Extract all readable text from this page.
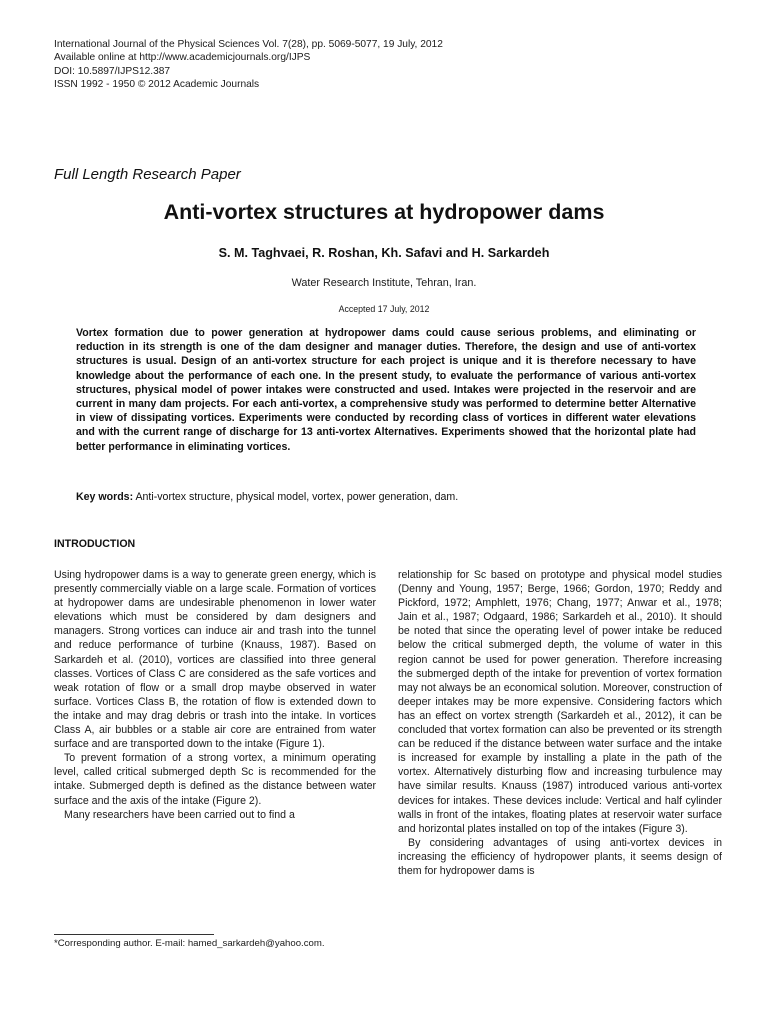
International Journal of the Physical Sciences Vol. 7(28), pp. 5069-5077, 19 July, 2012
Available online at http://www.academicjournals.org/IJPS
DOI: 10.5897/IJPS12.387
ISSN 1992 - 1950 © 2012 Academic Journals
Full Length Research Paper
Anti-vortex structures at hydropower dams
S. M. Taghvaei, R. Roshan, Kh. Safavi and H. Sarkardeh
Water Research Institute, Tehran, Iran.
Accepted 17 July, 2012
Vortex formation due to power generation at hydropower dams could cause serious problems, and eliminating or reduction in its strength is one of the dam designer and manager duties. Therefore, the design and use of anti-vortex structures is usual. Design of an anti-vortex structure for each project is unique and it is therefore necessary to have knowledge about the performance of each one. In the present study, to evaluate the performance of various anti-vortex structures, physical model of power intakes were constructed and used. Intakes were projected in the reservoir and are current in many dam projects. For each anti-vortex, a comprehensive study was performed to determine better Alternative in view of dissipating vortices. Experiments were conducted by recording class of vortices in different water elevations and with the current range of discharge for 13 anti-vortex Alternatives. Experiments showed that the horizontal plate had better performance in eliminating vortices.
Key words: Anti-vortex structure, physical model, vortex, power generation, dam.
INTRODUCTION

Using hydropower dams is a way to generate green energy, which is presently commercially viable on a large scale. Formation of vortices at hydropower dams are undesirable phenomenon in lower water elevations which must be considered by dam designers and managers. Strong vortices can induce air and trash into the tunnel and reduce performance of turbine (Knauss, 1987). Based on Sarkardeh et al. (2010), vortices are classified into three general classes. Vortices of Class C are considered as the safe vortices and weak rotation of flow or a small drop maybe observed in water surface. Vortices Class B, the rotation of flow is extended down to the intake and may drag debris or trash into the intake. In vortices Class A, air bubbles or a stable air core are entrained from water surface and are transported down to the intake (Figure 1).

To prevent formation of a strong vortex, a minimum operating level, called critical submerged depth Sc is recommended for the intake. Submerged depth is defined as the distance between water surface and the axis of the intake (Figure 2).

Many researchers have been carried out to find a

relationship for Sc based on prototype and physical model studies (Denny and Young, 1957; Berge, 1966; Gordon, 1970; Reddy and Pickford, 1972; Amphlett, 1976; Chang, 1977; Anwar et al., 1978; Jain et al., 1987; Odgaard, 1986; Sarkardeh et al., 2010). It should be noted that since the operating level of power intake be reduced below the critical submerged depth, the volume of water in this region cannot be used for power generation. Therefore increasing the submerged depth of the intake for prevention of vortex formation may not always be an economical solution. Moreover, construction of deeper intakes may be more expensive. Considering factors which has an effect on vortex strength (Sarkardeh et al., 2012), it can be concluded that vortex formation can also be prevented or its strength can be reduced if the distance between water surface and the intake is increased for example by installing a plate in the path of the vortex. Alternatively disturbing flow and increasing turbulence may have similar results. Knauss (1987) introduced various anti-vortex devices for intakes. These devices include: Vertical and half cylinder walls in front of the intakes, floating plates at reservoir water surface and horizontal plates installed on top of the intakes (Figure 3).

By considering advantages of using anti-vortex devices in increasing the efficiency of hydropower plants, it seems design of them for hydropower dams is

*Corresponding author. E-mail: hamed_sarkardeh@yahoo.com.
